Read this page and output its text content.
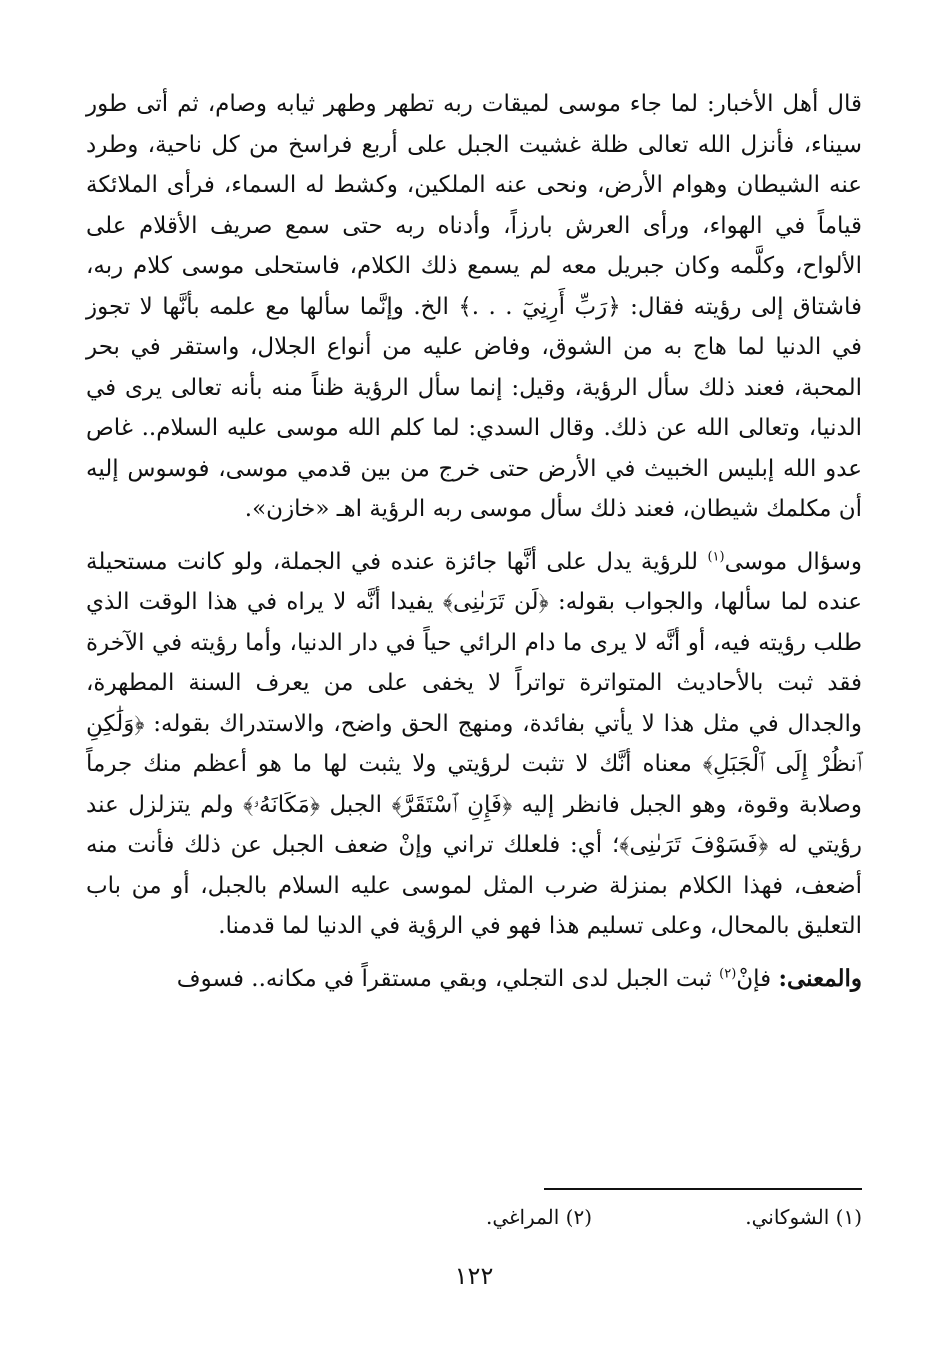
قال أهل الأخبار: لما جاء موسى لميقات ربه تطهر وطهر ثيابه وصام، ثم أتى طور سيناء، فأنزل الله تعالى ظلة غشيت الجبل على أربع فراسخ من كل ناحية، وطرد عنه الشيطان وهوام الأرض، ونحى عنه الملكين، وكشط له السماء، فرأى الملائكة قياماً في الهواء، ورأى العرش بارزاً، وأدناه ربه حتى سمع صريف الأقلام على الألواح، وكلَّمه وكان جبريل معه لم يسمع ذلك الكلام، فاستحلى موسى كلام ربه، فاشتاق إلى رؤيته فقال: ﴿رَبِّ أَرِنِيٓ . . .﴾ الخ. وإنَّما سألها مع علمه بأنَّها لا تجوز في الدنيا لما هاج به من الشوق، وفاض عليه من أنواع الجلال، واستقر في بحر المحبة، فعند ذلك سأل الرؤية، وقيل: إنما سأل الرؤية ظناً منه بأنه تعالى يرى في الدنيا، وتعالى الله عن ذلك. وقال السدي: لما كلم الله موسى عليه السلام.. غاص عدو الله إبليس الخبيث في الأرض حتى خرج من بين قدمي موسى، فوسوس إليه أن مكلمك شيطان، فعند ذلك سأل موسى ربه الرؤية اهـ «خازن».

وسؤال موسى$^{(١)}$ للرؤية يدل على أنَّها جائزة عنده في الجملة، ولو كانت مستحيلة عنده لما سألها، والجواب بقوله: ﴿لَن تَرَىٰنِى﴾ يفيدا أنَّه لا يراه في هذا الوقت الذي طلب رؤيته فيه، أو أنَّه لا يرى ما دام الرائي حياً في دار الدنيا، وأما رؤيته في الآخرة فقد ثبت بالأحاديث المتواترة تواتراً لا يخفى على من يعرف السنة المطهرة، والجدال في مثل هذا لا يأتي بفائدة، ومنهج الحق واضح، والاستدراك بقوله: ﴿وَلَٰكِنِ ٱنظُرْ إِلَى ٱلْجَبَلِ﴾ معناه أنَّك لا تثبت لرؤيتي ولا يثبت لها ما هو أعظم منك جرماً وصلابة وقوة، وهو الجبل فانظر إليه ﴿فَإِنِ ٱسْتَقَرَّ﴾ الجبل ﴿مَكَانَهُۥ﴾ ولم يتزلزل عند رؤيتي له ﴿فَسَوْفَ تَرَىٰنِى﴾؛ أي: فلعلك تراني وإنْ ضعف الجبل عن ذلك فأنت منه أضعف، فهذا الكلام بمنزلة ضرب المثل لموسى عليه السلام بالجبل، أو من باب التعليق بالمحال، وعلى تسليم هذا فهو في الرؤية في الدنيا لما قدمنا.

والمعنى: فإنْ$^{(٢)}$ ثبت الجبل لدى التجلي، وبقي مستقراً في مكانه.. فسوف

(١) الشوكاني.
(٢) المراغي.
١٢٢
